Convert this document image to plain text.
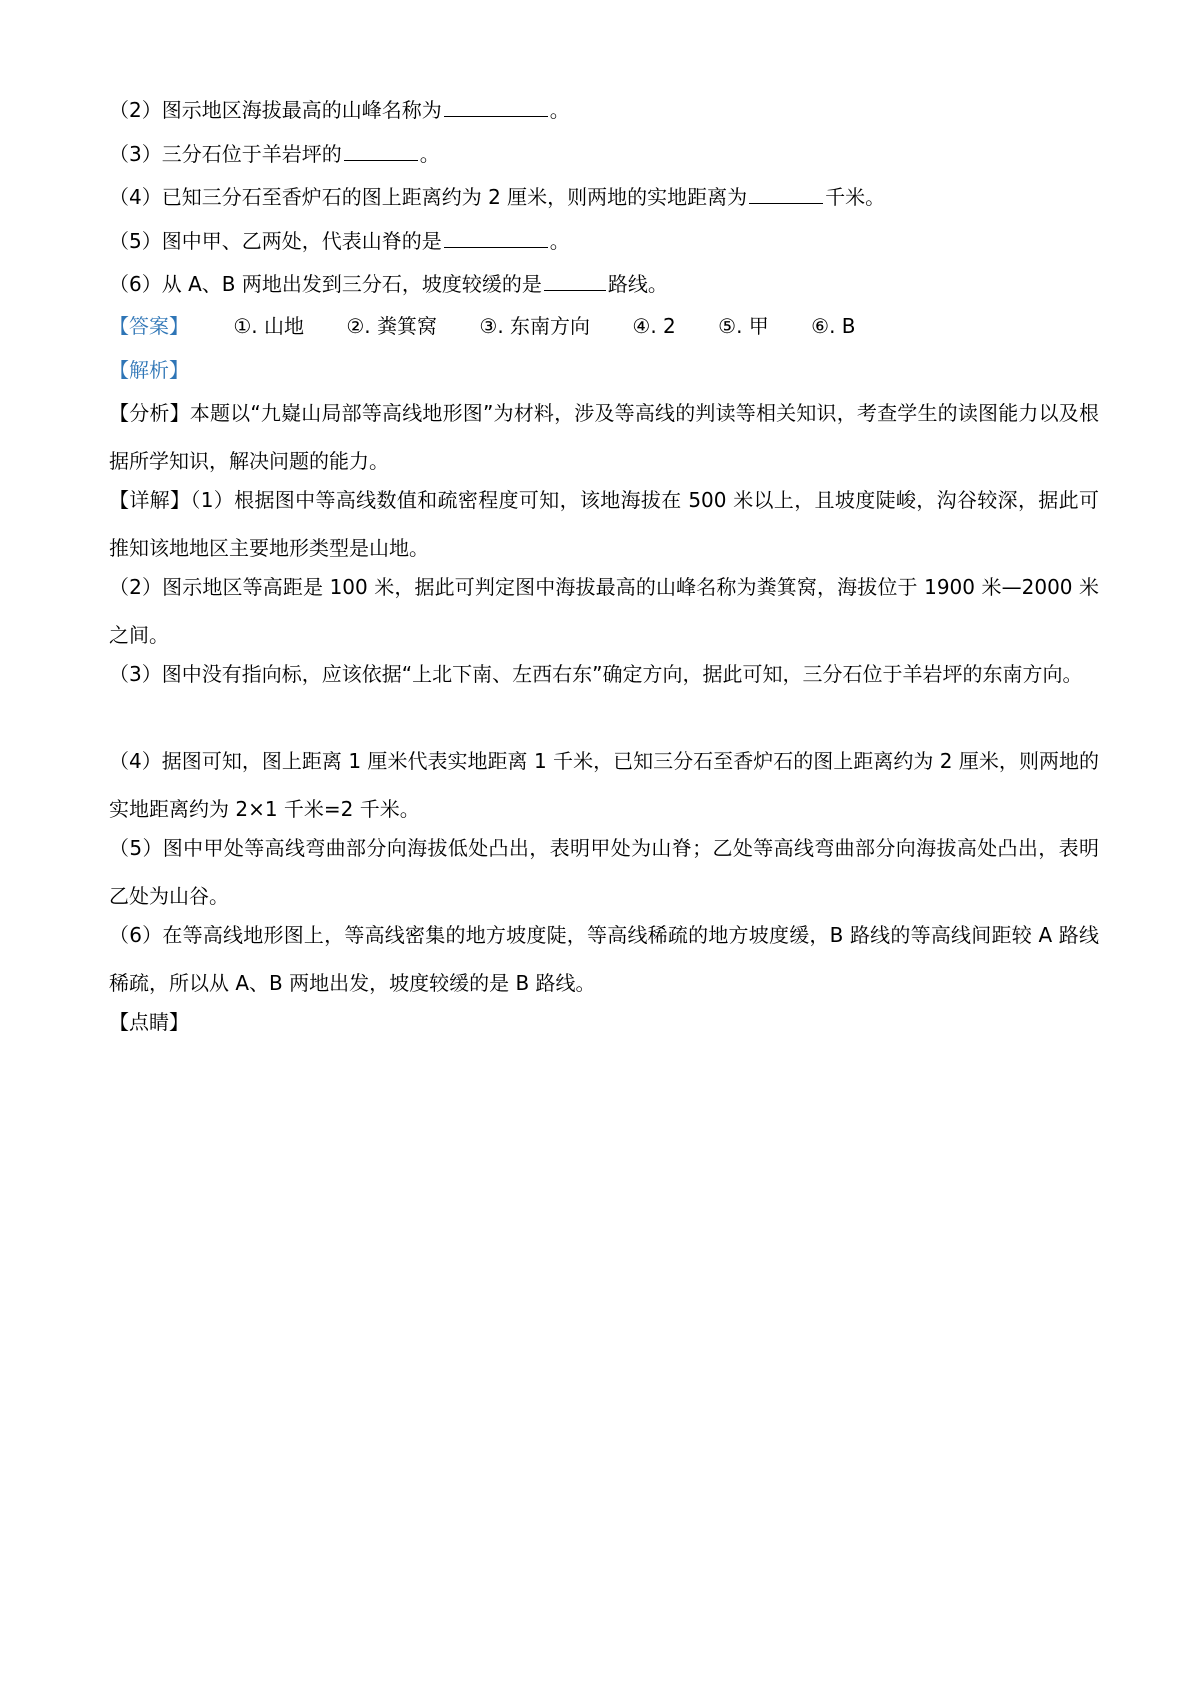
（2）图示地区海拔最高的山峰名称为	。
（3）三分石位于羊岩坪的	。
（4）已知三分石至香炉石的图上距离约为 2 厘米，则两地的实地距离为	千米。
（5）图中甲、乙两处，代表山脊的是	。
（6）从 A、B 两地出发到三分石，坡度较缓的是	路线。
【答案】 ①. 山地 ②. 粪箕窝 ③. 东南方向 ④. 2 ⑤. 甲 ⑥. B
【解析】
【分析】本题以“九嶷山局部等高线地形图”为材料，涉及等高线的判读等相关知识，考查学生的读图能力以及根据所学知识，解决问题的能力。
【详解】（1）根据图中等高线数值和疏密程度可知，该地海拔在 500 米以上，且坡度陡峻，沟谷较深，据此可推知该地地区主要地形类型是山地。
（2）图示地区等高距是 100 米，据此可判定图中海拔最高的山峰名称为粪箕窝，海拔位于 1900 米—2000 米之间。
（3）图中没有指向标，应该依据“上北下南、左西右东”确定方向，据此可知，三分石位于羊岩坪的东南方向。
（4）据图可知，图上距离 1 厘米代表实地距离 1 千米，已知三分石至香炉石的图上距离约为 2 厘米，则两地的实地距离约为 2×1 千米=2 千米。
（5）图中甲处等高线弯曲部分向海拔低处凸出，表明甲处为山脊；乙处等高线弯曲部分向海拔高处凸出，表明乙处为山谷。
（6）在等高线地形图上，等高线密集的地方坡度陡，等高线稀疏的地方坡度缓，B 路线的等高线间距较 A 路线稀疏，所以从 A、B 两地出发，坡度较缓的是 B 路线。
【点睛】
